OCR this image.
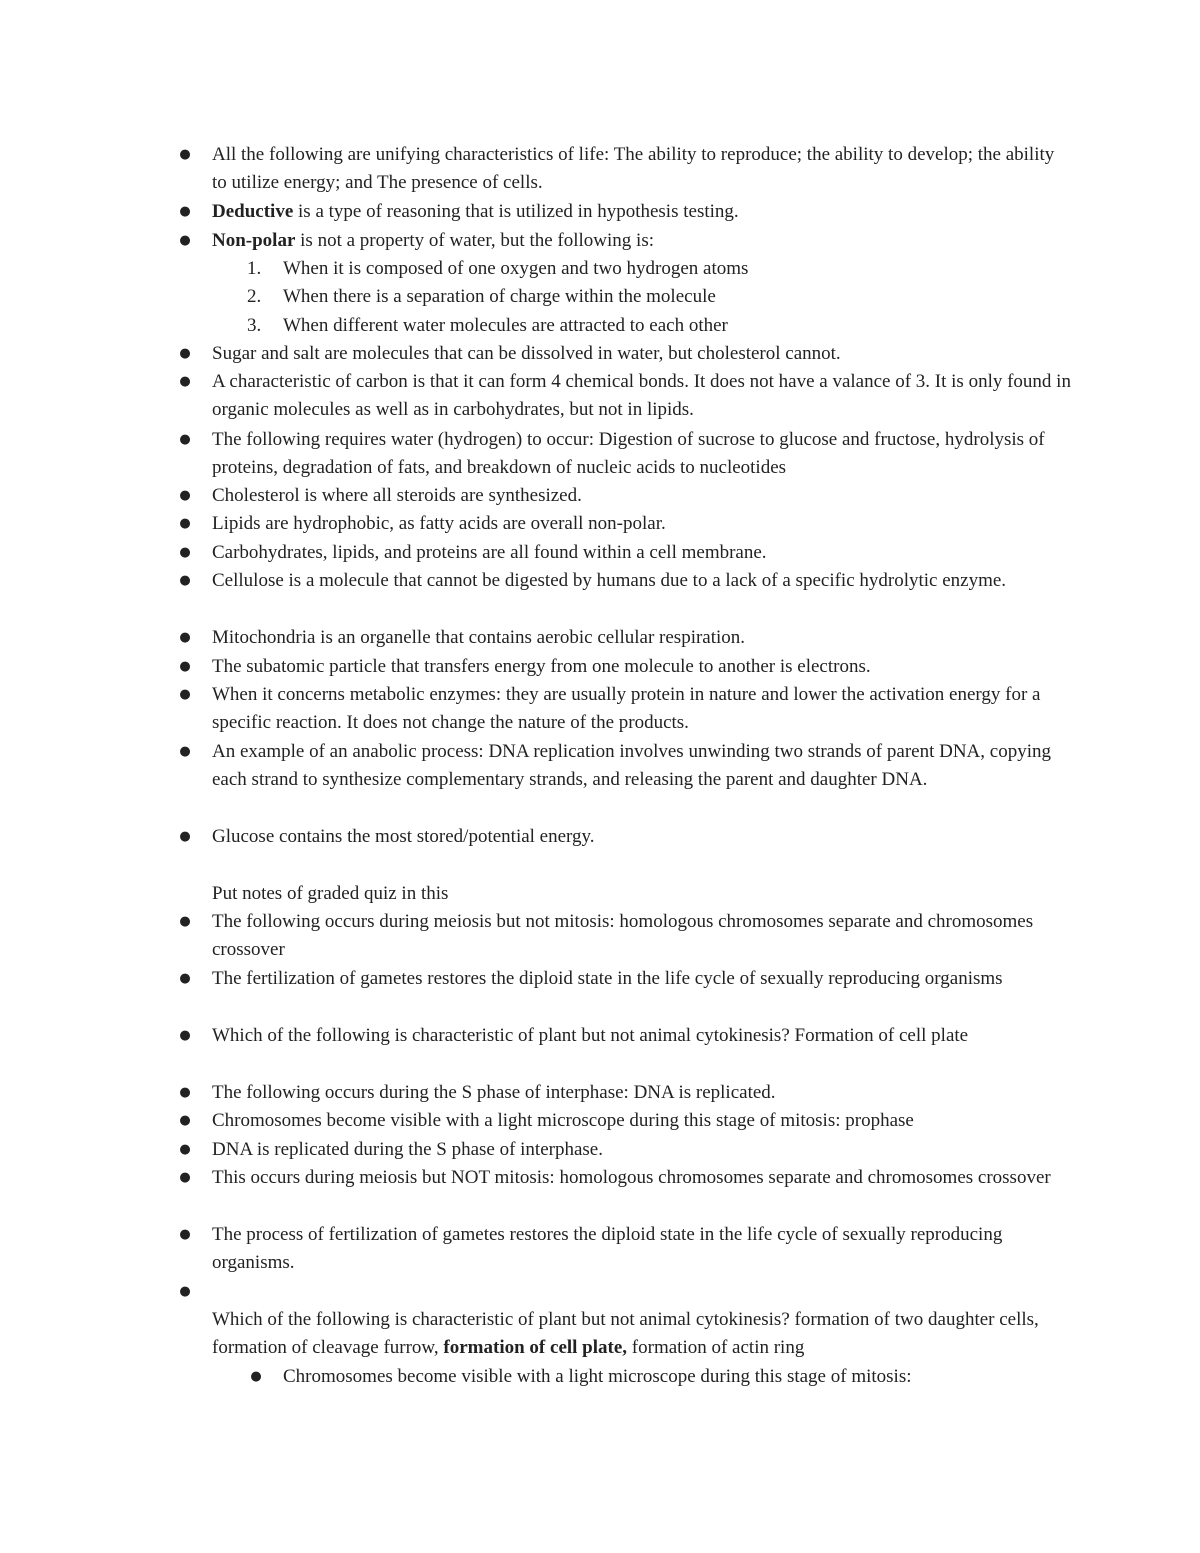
● All the following are unifying characteristics of life: The ability to reproduce; the ability to develop; the ability to utilize energy; and The presence of cells.

● Deductive is a type of reasoning that is utilized in hypothesis testing.

● Non-polar is not a property of water, but the following is:

1.	When it is composed of one oxygen and two hydrogen atoms
2.	When there is a separation of charge within the molecule
3.	When different water molecules are attracted to each other

● Sugar and salt are molecules that can be dissolved in water, but cholesterol cannot.

● A characteristic of carbon is that it can form 4 chemical bonds. It does not have a valance of 3. It is only found in organic molecules as well as in carbohydrates, but not in lipids.

● The following requires water (hydrogen) to occur: Digestion of sucrose to glucose and fructose, hydrolysis of proteins, degradation of fats, and breakdown of nucleic acids to nucleotides

● Cholesterol is where all steroids are synthesized.

● Lipids are hydrophobic, as fatty acids are overall non-polar.

● Carbohydrates, lipids, and proteins are all found within a cell membrane.

● Cellulose is a molecule that cannot be digested by humans due to a lack of a specific hydrolytic enzyme.

● Mitochondria is an organelle that contains aerobic cellular respiration.

● The subatomic particle that transfers energy from one molecule to another is electrons.

● When it concerns metabolic enzymes: they are usually protein in nature and lower the activation energy for a specific reaction. It does not change the nature of the products.

● An example of an anabolic process: DNA replication involves unwinding two strands of parent DNA, copying each strand to synthesize complementary strands, and releasing the parent and daughter DNA.

● Glucose contains the most stored/potential energy.

Put notes of graded quiz in this

● The following occurs during meiosis but not mitosis: homologous chromosomes separate and chromosomes crossover

● The fertilization of gametes restores the diploid state in the life cycle of sexually reproducing organisms

● Which of the following is characteristic of plant but not animal cytokinesis? Formation of cell plate

● The following occurs during the S phase of interphase: DNA is replicated.

● Chromosomes become visible with a light microscope during this stage of mitosis: prophase

● DNA is replicated during the S phase of interphase.

● This occurs during meiosis but NOT mitosis: homologous chromosomes separate and chromosomes crossover

● The process of fertilization of gametes restores the diploid state in the life cycle of sexually reproducing organisms.

●

Which of the following is characteristic of plant but not animal cytokinesis? formation of two daughter cells, formation of cleavage furrow, formation of cell plate, formation of actin ring

● Chromosomes become visible with a light microscope during this stage of mitosis:
